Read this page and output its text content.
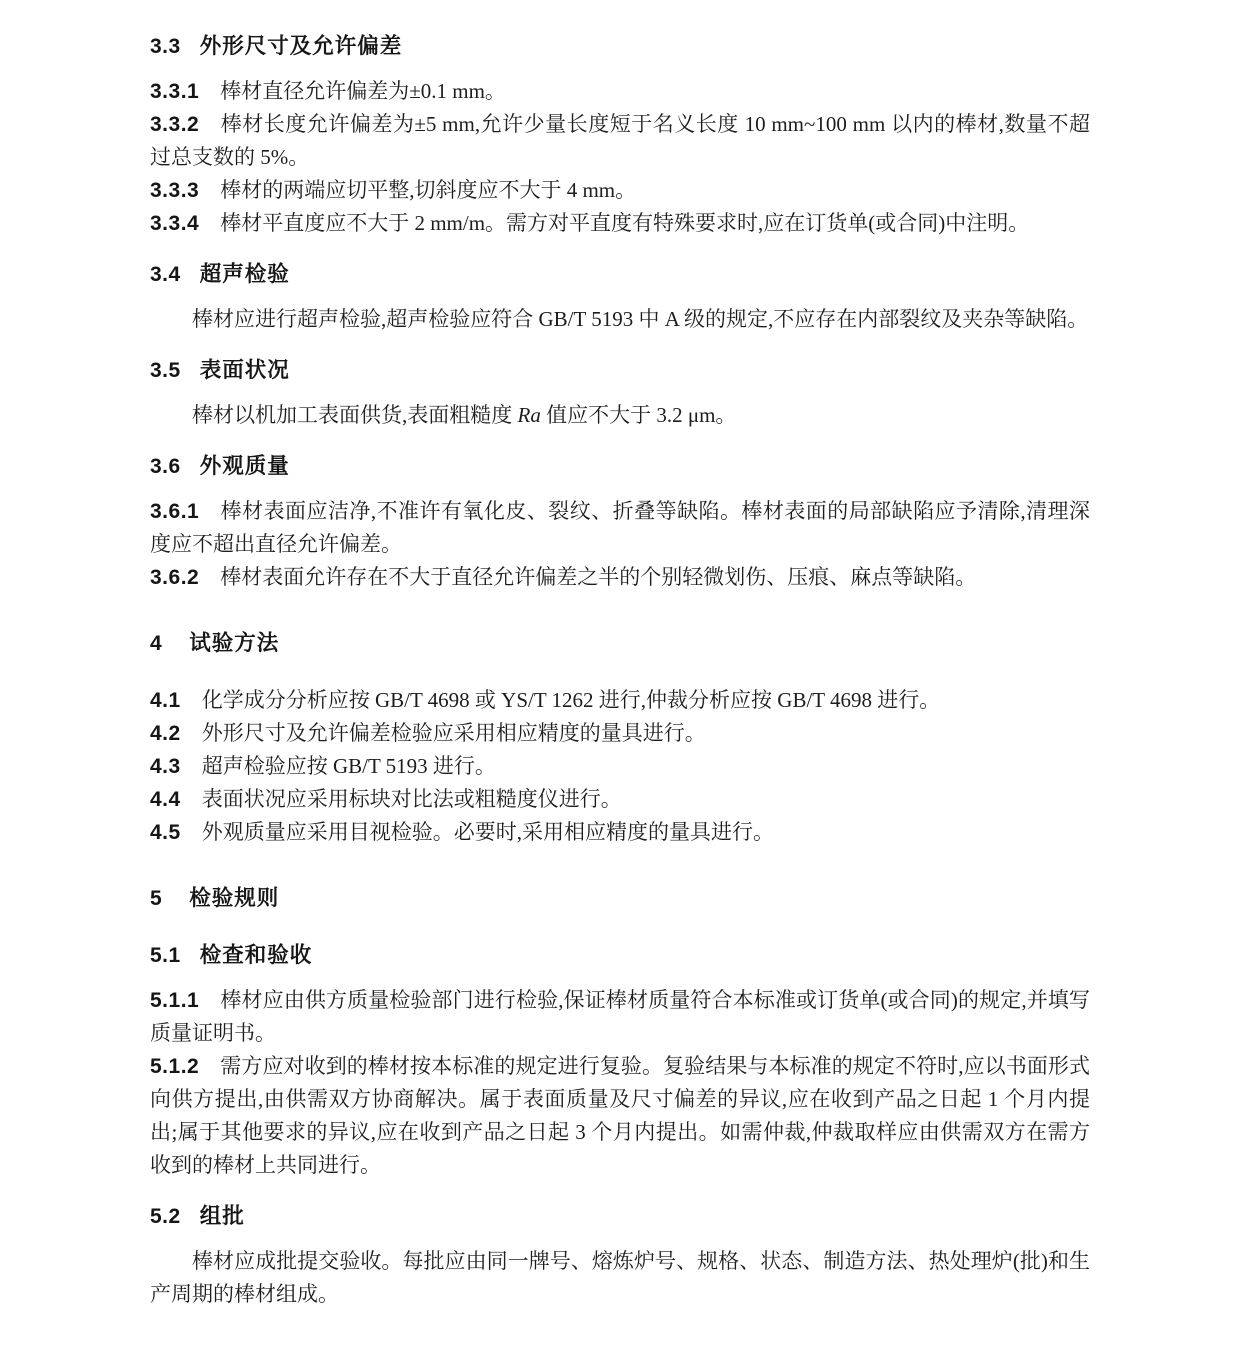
3.3 外形尺寸及允许偏差

3.3.1 棒材直径允许偏差为±0.1 mm。

3.3.2 棒材长度允许偏差为±5 mm,允许少量长度短于名义长度 10 mm~100 mm 以内的棒材,数量不超过总支数的 5%。

3.3.3 棒材的两端应切平整,切斜度应不大于 4 mm。

3.3.4 棒材平直度应不大于 2 mm/m。需方对平直度有特殊要求时,应在订货单(或合同)中注明。

3.4 超声检验

棒材应进行超声检验,超声检验应符合 GB/T 5193 中 A 级的规定,不应存在内部裂纹及夹杂等缺陷。

3.5 表面状况

棒材以机加工表面供货,表面粗糙度 Ra 值应不大于 3.2 μm。

3.6 外观质量

3.6.1 棒材表面应洁净,不准许有氧化皮、裂纹、折叠等缺陷。棒材表面的局部缺陷应予清除,清理深度应不超出直径允许偏差。

3.6.2 棒材表面允许存在不大于直径允许偏差之半的个别轻微划伤、压痕、麻点等缺陷。

4 试验方法

4.1 化学成分分析应按 GB/T 4698 或 YS/T 1262 进行,仲裁分析应按 GB/T 4698 进行。

4.2 外形尺寸及允许偏差检验应采用相应精度的量具进行。

4.3 超声检验应按 GB/T 5193 进行。

4.4 表面状况应采用标块对比法或粗糙度仪进行。

4.5 外观质量应采用目视检验。必要时,采用相应精度的量具进行。

5 检验规则
5.1 检查和验收

5.1.1 棒材应由供方质量检验部门进行检验,保证棒材质量符合本标准或订货单(或合同)的规定,并填写质量证明书。

5.1.2 需方应对收到的棒材按本标准的规定进行复验。复验结果与本标准的规定不符时,应以书面形式向供方提出,由供需双方协商解决。属于表面质量及尺寸偏差的异议,应在收到产品之日起 1 个月内提出;属于其他要求的异议,应在收到产品之日起 3 个月内提出。如需仲裁,仲裁取样应由供需双方在需方收到的棒材上共同进行。

5.2 组批

棒材应成批提交验收。每批应由同一牌号、熔炼炉号、规格、状态、制造方法、热处理炉(批)和生产周期的棒材组成。
